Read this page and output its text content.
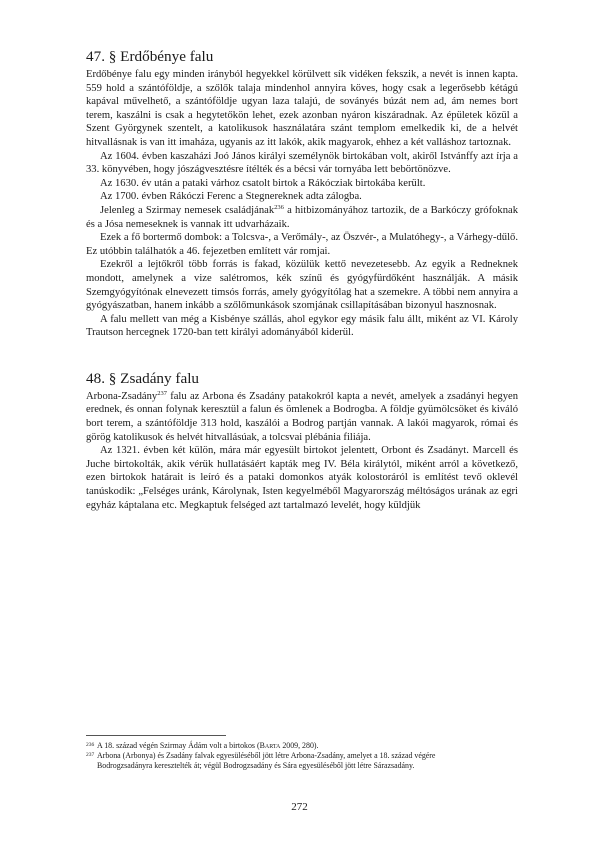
47. § Erdőbénye falu

Erdőbénye falu egy minden irányból hegyekkel körülvett sík vidéken fekszik, a nevét is innen kapta. 559 hold a szántóföldje, a szőlők talaja mindenhol annyira köves, hogy csak a legerősebb kétágú kapával művelhető, a szántóföldje ugyan laza talajú, de soványés búzát nem ad, ám nemes bort terem, kaszálni is csak a hegytetőkön lehet, ezek azonban nyáron kiszáradnak. Az épületek közül a Szent Györgynek szentelt, a katolikusok használatára szánt templom emelkedik ki, de a helvét hitvallásnak is van itt imaháza, ugyanis az itt lakók, akik magyarok, ehhez a két valláshoz tartoznak.

Az 1604. évben kaszaházi Joó János királyi személynök birtokában volt, akiről Istvánffy azt írja a 33. könyvében, hogy jószágvesztésre ítélték és a bécsi vár tornyába lett bebörtönözve.

Az 1630. év után a pataki várhoz csatolt birtok a Rákócziak birtokába került.

Az 1700. évben Rákóczi Ferenc a Stegnereknek adta zálogba.

Jelenleg a Szirmay nemesek családjának$^{236}$ a hitbizományához tartozik, de a Barkóczy grófoknak és a Jósa nemeseknek is vannak itt udvarházaik.

Ezek a fő bortermő dombok: a Tolcsva-, a Verőmály-, az Öszvér-, a Mulatóhegy-, a Várhegy-dűlő. Ez utóbbin találhatók a 46. fejezetben említett vár romjai.

Ezekről a lejtőkről több forrás is fakad, közülük kettő nevezetesebb. Az egyik a Redneknek mondott, amelynek a vize salétromos, kék színű és gyógyfürdőként használják. A másik Szemgyógyítónak elnevezett timsós forrás, amely gyógyítólag hat a szemekre. A többi nem annyira a gyógyászatban, hanem inkább a szőlőmunkások szomjának csillapításában bizonyul hasznosnak.

A falu mellett van még a Kisbénye szállás, ahol egykor egy másik falu állt, miként az VI. Károly Trautson hercegnek 1720-ban tett királyi adományából kiderül.

48. § Zsadány falu

Arbona-Zsadány$^{237}$ falu az Arbona és Zsadány patakokról kapta a nevét, amelyek a zsadányi hegyen erednek, és onnan folynak keresztül a falun és ömlenek a Bodrogba. A földje gyümölcsöket és kiváló bort terem, a szántóföldje 313 hold, kaszálói a Bodrog partján vannak. A lakói magyarok, római és görög katolikusok és helvét hitvallásúak, a tolcsvai plébánia filiája.

Az 1321. évben két külön, mára már egyesült birtokot jelentett, Orbont és Zsadányt. Marcell és Juche birtokolták, akik vérük hullatásáért kapták meg IV. Béla királytól, miként arról a következő, ezen birtokok határait is leíró és a pataki domonkos atyák kolostoráról is említést tevő oklevél tanúskodik: „Felséges uránk, Károlynak, Isten kegyelméből Magyarország méltóságos urának az egri egyház káptalana etc. Megkaptuk felséged azt tartalmazó levelét, hogy küldjük

236 A 18. század végén Szirmay Ádám volt a birtokos (Barta 2009, 280).
237 Arbona (Arbonya) és Zsadány falvak egyesüléséből jött létre Arbona-Zsadány, amelyet a 18. század végére
Bodrogzsadányra keresztelték át; végül Bodrogzsadány és Sára egyesüléséből jött létre Sárazsadány.
272
